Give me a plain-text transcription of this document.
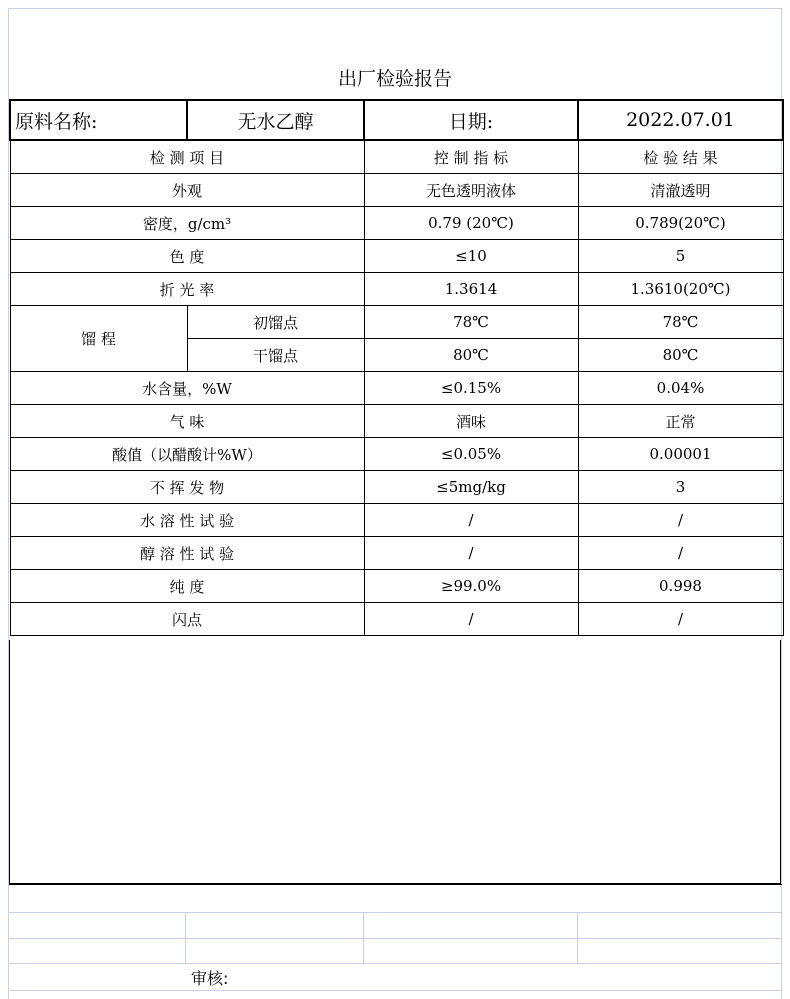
出厂检验报告
原料名称:	无水乙醇	日期:	2022.07.01
检 测 项 目		控 制 指 标	检 验 结 果
外观		无色透明液体	清澈透明
密度，g/cm³		0.79 (20℃)	0.789(20℃)
色 度		≤10	5
折 光 率		1.3614	1.3610(20℃)
馏 程	初馏点	78℃	78℃
	干馏点	80℃	80℃
水含量，%W		≤0.15%	0.04%
气 味		酒味	正常
酸值（以醋酸计%W）		≤0.05%	0.00001
不 挥 发 物		≤5mg/kg	3
水 溶 性 试 验		/	/
醇 溶 性 试 验		/	/
纯 度		≥99.0%	0.998
闪点		/	/
审核:
